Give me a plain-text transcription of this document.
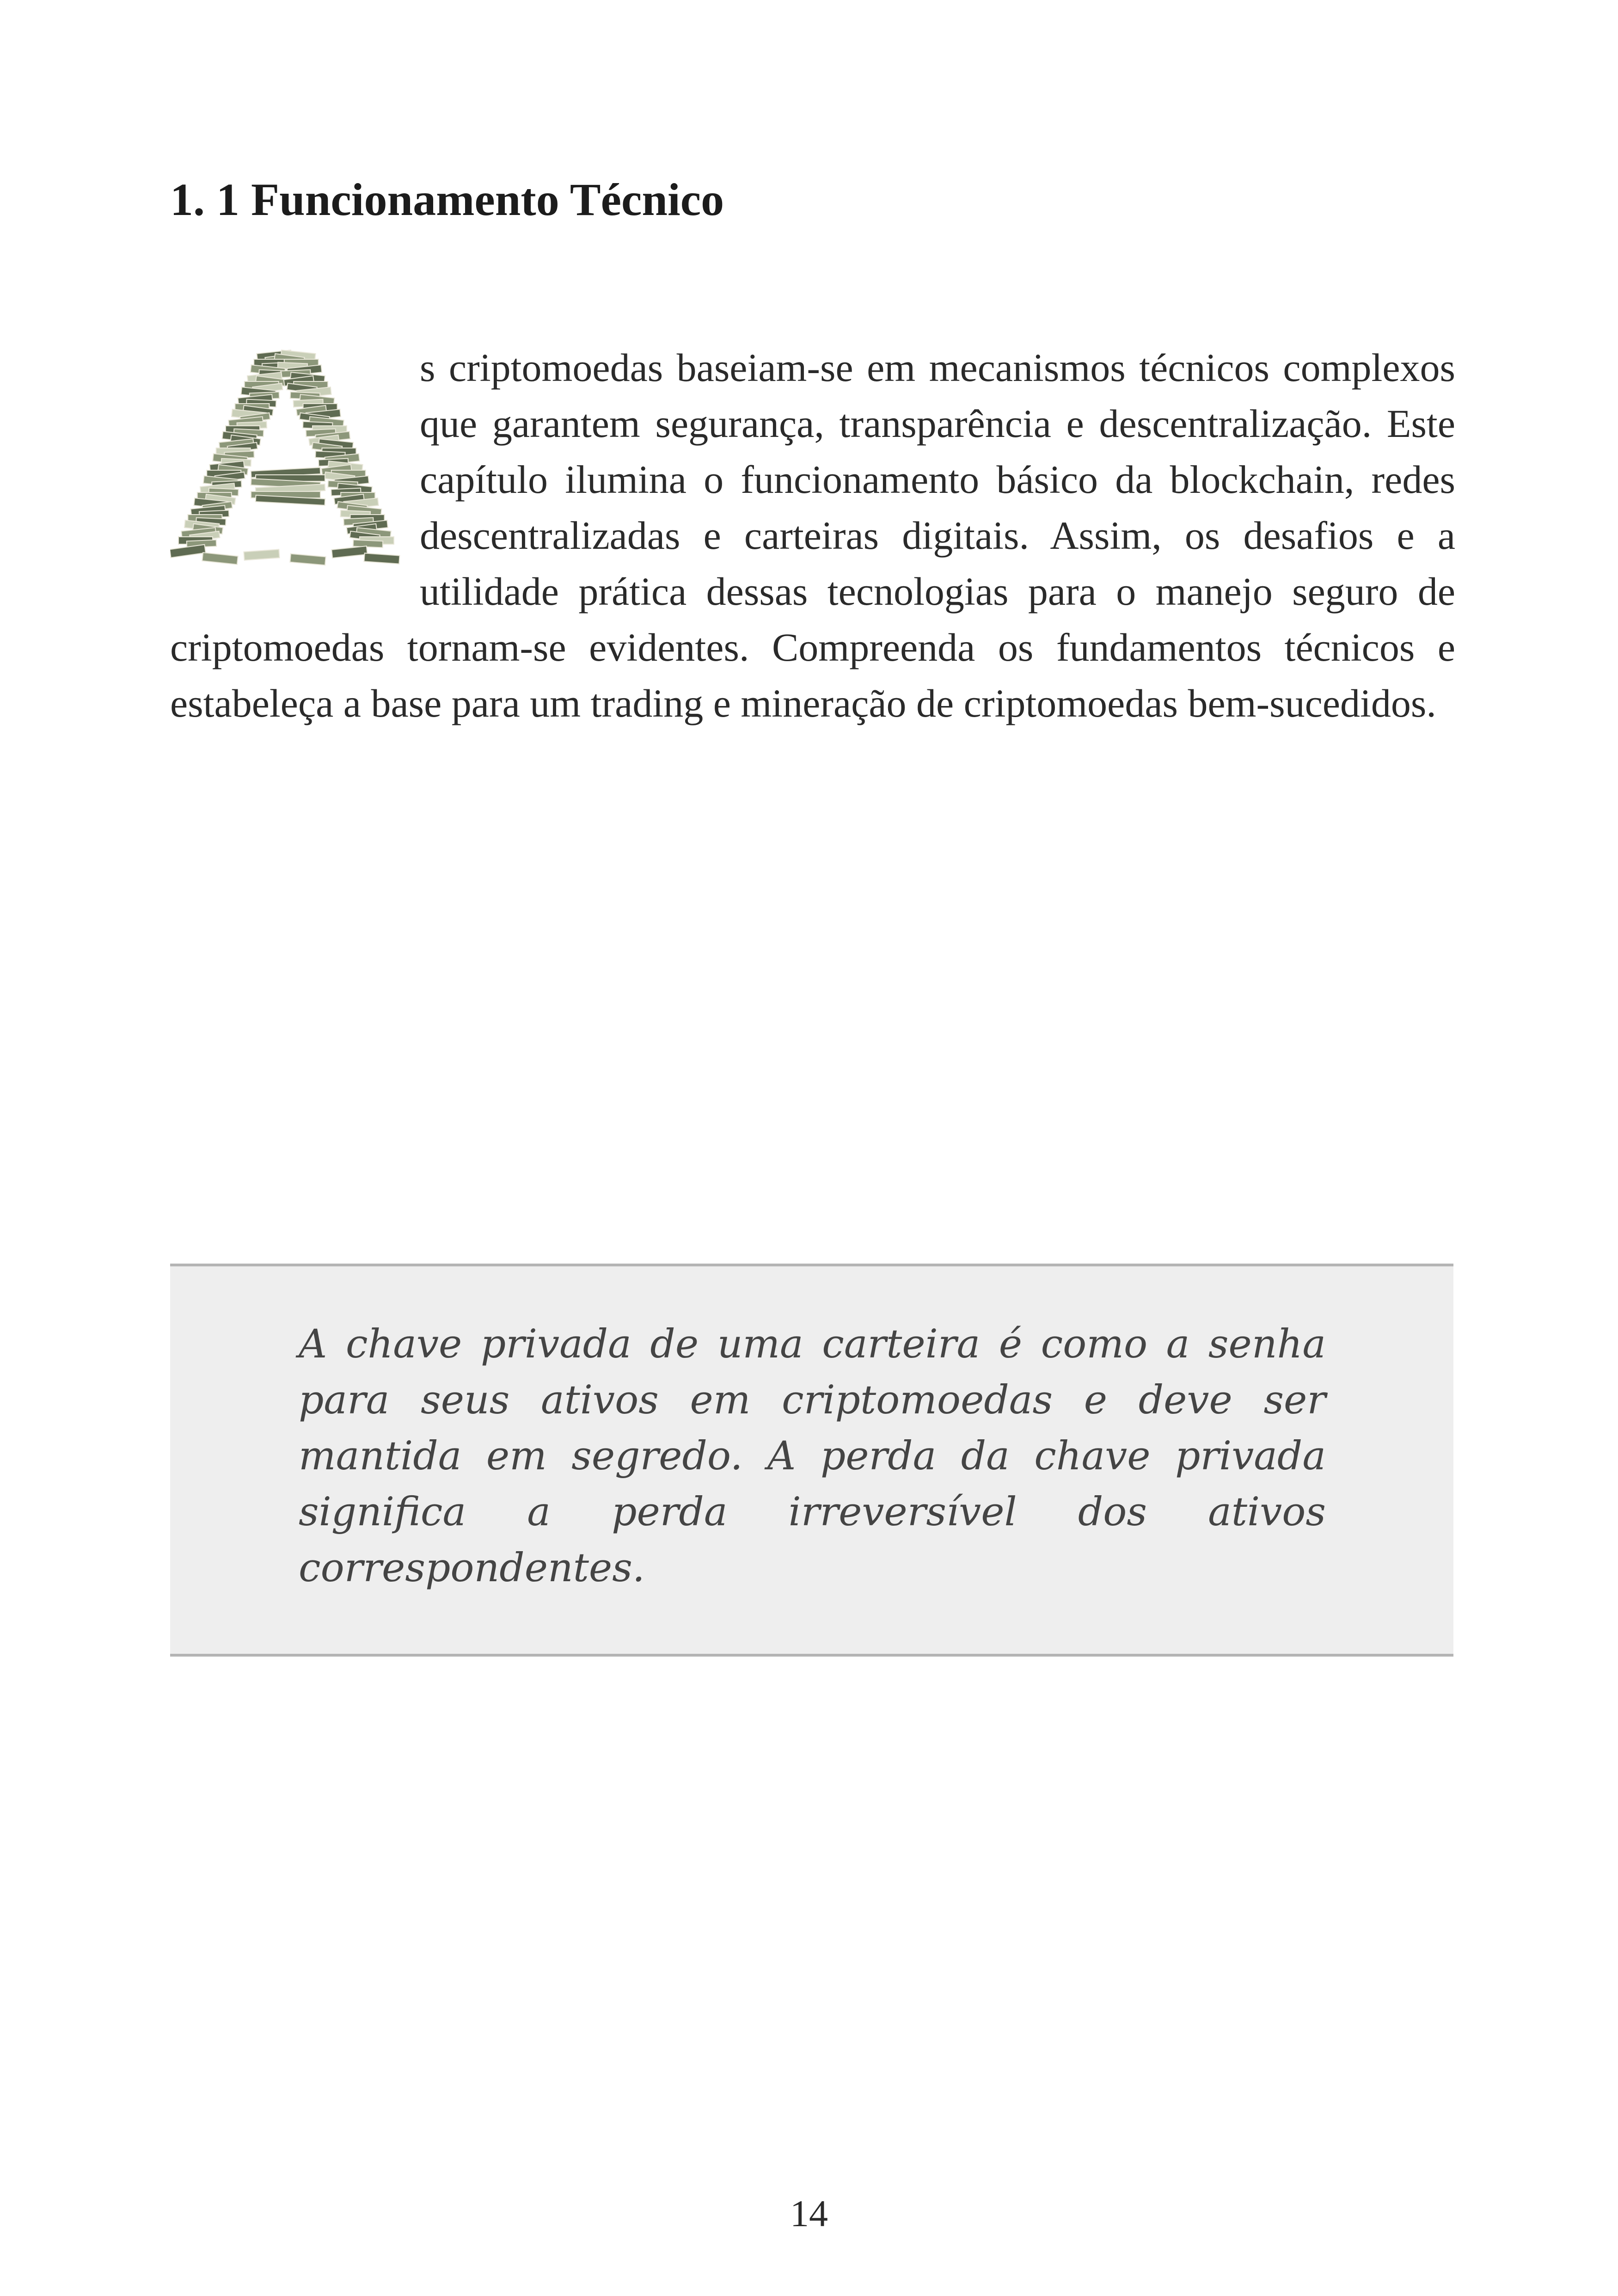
1. 1 Funcionamento Técnico

s criptomoedas baseiam-se em mecanismos técnicos complexos que garantem segurança, transparência e descentralização. Este capítulo ilumina o funcionamento básico da blockchain, redes descentralizadas e carteiras digitais. Assim, os desafios e a utilidade prática dessas tecnologias para o manejo seguro de criptomoedas tornam-se evidentes. Compreenda os fundamentos técnicos e estabeleça a base para um trading e mineração de criptomoedas bem-sucedidos.

A chave privada de uma carteira é como a senha para seus ativos em criptomoedas e deve ser mantida em segredo. A perda da chave privada significa a perda irreversível dos ativos correspondentes.

14
